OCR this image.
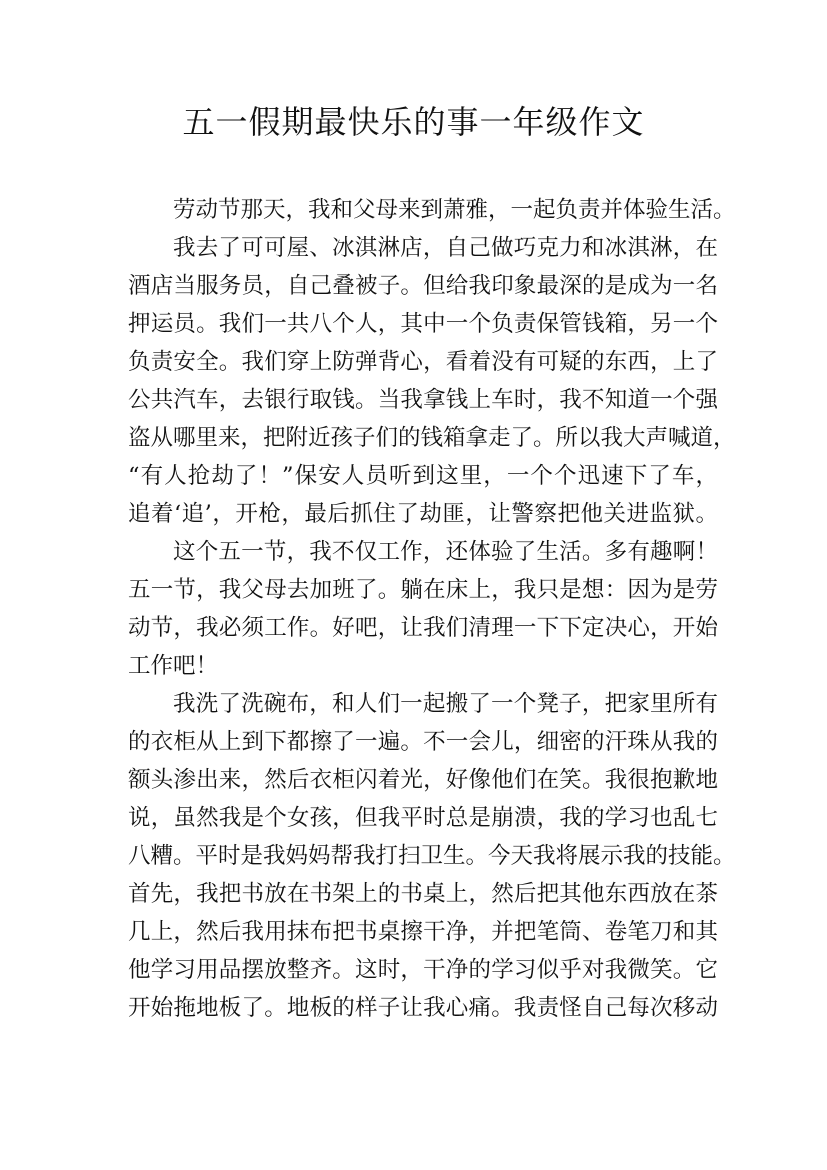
五一假期最快乐的事一年级作文
劳动节那天，我和父母来到萧雅，一起负责并体验生活。
我去了可可屋、冰淇淋店，自己做巧克力和冰淇淋，在
酒店当服务员，自己叠被子。但给我印象最深的是成为一名
押运员。我们一共八个人，其中一个负责保管钱箱，另一个
负责安全。我们穿上防弹背心，看着没有可疑的东西，上了
公共汽车，去银行取钱。当我拿钱上车时，我不知道一个强
盗从哪里来，把附近孩子们的钱箱拿走了。所以我大声喊道，
“有人抢劫了！”保安人员听到这里，一个个迅速下了车，
追着‘追’，开枪，最后抓住了劫匪，让警察把他关进监狱。
这个五一节，我不仅工作，还体验了生活。多有趣啊！
五一节，我父母去加班了。躺在床上，我只是想：因为是劳
动节，我必须工作。好吧，让我们清理一下下定决心，开始
工作吧！
我洗了洗碗布，和人们一起搬了一个凳子，把家里所有
的衣柜从上到下都擦了一遍。不一会儿，细密的汗珠从我的
额头渗出来，然后衣柜闪着光，好像他们在笑。我很抱歉地
说，虽然我是个女孩，但我平时总是崩溃，我的学习也乱七
八糟。平时是我妈妈帮我打扫卫生。今天我将展示我的技能。
首先，我把书放在书架上的书桌上，然后把其他东西放在茶
几上，然后我用抹布把书桌擦干净，并把笔筒、卷笔刀和其
他学习用品摆放整齐。这时，干净的学习似乎对我微笑。它
开始拖地板了。地板的样子让我心痛。我责怪自己每次移动
